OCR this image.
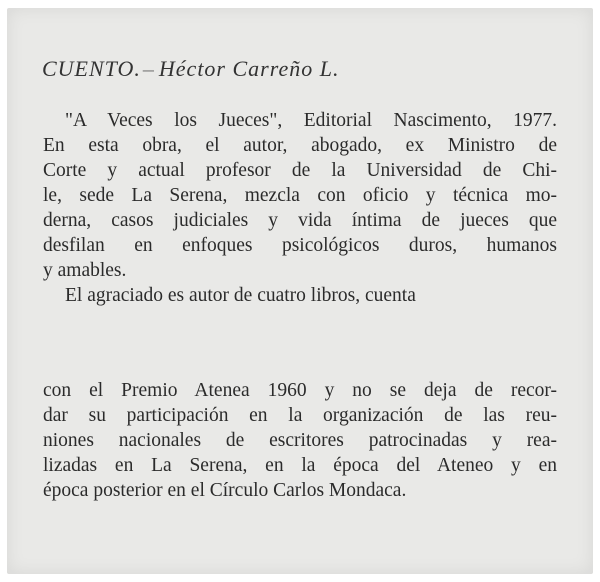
CUENTO.– Héctor Carreño L.
"A Veces los Jueces", Editorial Nascimento, 1977.
En esta obra, el autor, abogado, ex Ministro de
Corte y actual profesor de la Universidad de Chi-
le, sede La Serena, mezcla con oficio y técnica mo-
derna, casos judiciales y vida íntima de jueces que
desfilan en enfoques psicológicos duros, humanos
y amables.
El agraciado es autor de cuatro libros, cuenta
con el Premio Atenea 1960 y no se deja de recor-
dar su participación en la organización de las reu-
niones nacionales de escritores patrocinadas y rea-
lizadas en La Serena, en la época del Ateneo y en
época posterior en el Círculo Carlos Mondaca.
